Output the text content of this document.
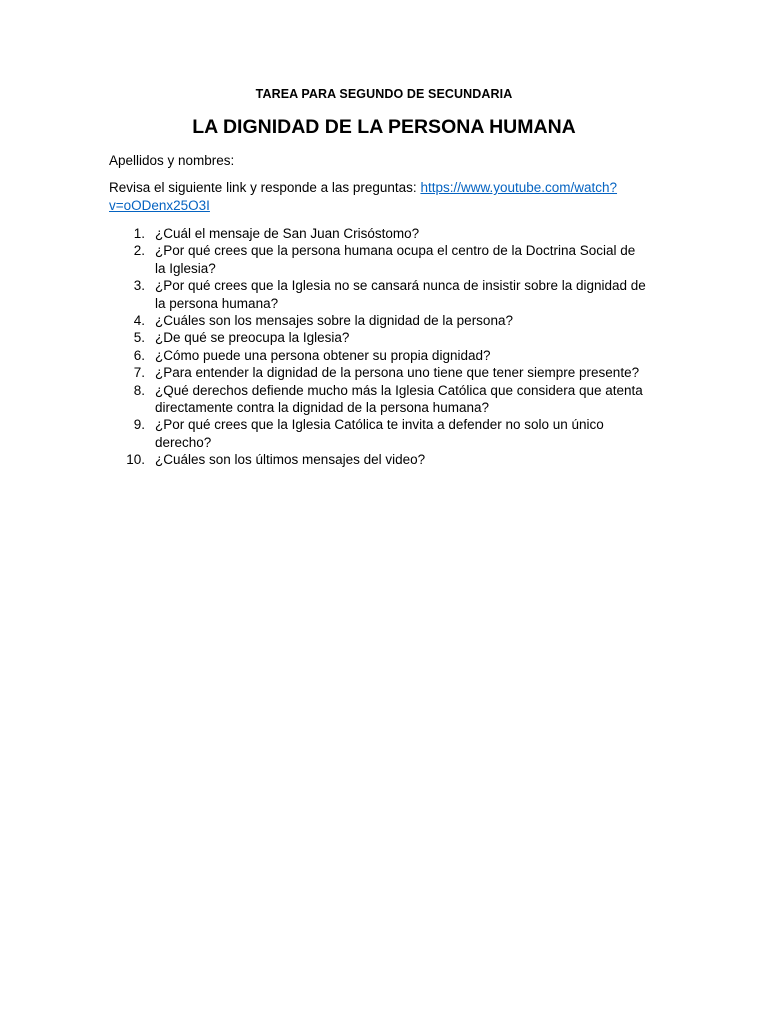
TAREA PARA SEGUNDO DE SECUNDARIA
LA DIGNIDAD DE LA PERSONA HUMANA
Apellidos y nombres:
Revisa el siguiente link y responde a las preguntas: https://www.youtube.com/watch?v=oODenx25O3I
1. ¿Cuál el mensaje de San Juan Crisóstomo?
2. ¿Por qué crees que la persona humana ocupa el centro de la Doctrina Social de la Iglesia?
3. ¿Por qué crees que la Iglesia no se cansará nunca de insistir sobre la dignidad de la persona humana?
4. ¿Cuáles son los mensajes sobre la dignidad de la persona?
5. ¿De qué se preocupa la Iglesia?
6. ¿Cómo puede una persona obtener su propia dignidad?
7. ¿Para entender la dignidad de la persona uno tiene que tener siempre presente?
8. ¿Qué derechos defiende mucho más la Iglesia Católica que considera que atenta directamente contra la dignidad de la persona humana?
9. ¿Por qué crees que la Iglesia Católica te invita a defender no solo un único derecho?
10. ¿Cuáles son los últimos mensajes del video?
